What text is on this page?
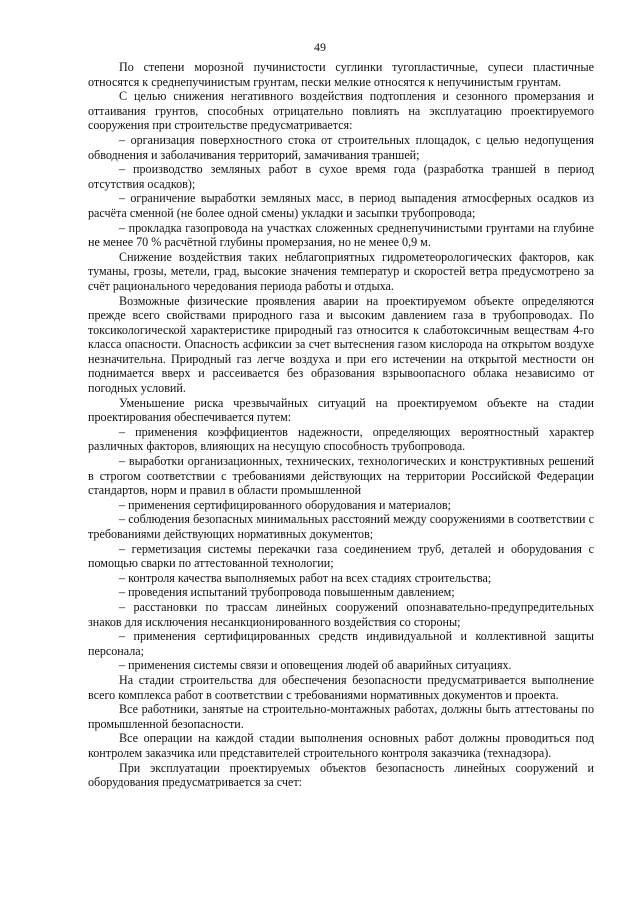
49

По степени морозной пучинистости суглинки тугопластичные, супеси пластичные относятся к среднепучинистым грунтам, пески мелкие относятся к непучинистым грунтам.

С целью снижения негативного воздействия подтопления и сезонного промерзания и оттаивания грунтов, способных отрицательно повлиять на эксплуатацию проектируемого сооружения при строительстве предусматривается:

– организация поверхностного стока от строительных площадок, с целью недопущения обводнения и заболачивания территорий, замачивания траншей;

– производство земляных работ в сухое время года (разработка траншей в период отсутствия осадков);

– ограничение выработки земляных масс, в период выпадения атмосферных осадков из расчёта сменной (не более одной смены) укладки и засыпки трубопровода;

– прокладка газопровода на участках сложенных среднепучинистыми грунтами на глубине не менее 70 % расчётной глубины промерзания, но не менее 0,9 м.

Снижение воздействия таких неблагоприятных гидрометеорологических факторов, как туманы, грозы, метели, град, высокие значения температур и скоростей ветра предусмотрено за счёт рационального чередования периода работы и отдыха.

Возможные физические проявления аварии на проектируемом объекте определяются прежде всего свойствами природного газа и высоким давлением газа в трубопроводах. По токсикологической характеристике природный газ относится к слаботоксичным веществам 4-го класса опасности. Опасность асфиксии за счет вытеснения газом кислорода на открытом воздухе незначительна. Природный газ легче воздуха и при его истечении на открытой местности он поднимается вверх и рассеивается без образования взрывоопасного облака независимо от погодных условий.

Уменьшение риска чрезвычайных ситуаций на проектируемом объекте на стадии проектирования обеспечивается путем:

– применения коэффициентов надежности, определяющих вероятностный характер различных факторов, влияющих на несущую способность трубопровода.

– выработки организационных, технических, технологических и конструктивных решений в строгом соответствии с требованиями действующих на территории Российской Федерации стандартов, норм и правил в области промышленной

– применения сертифицированного оборудования и материалов;

– соблюдения безопасных минимальных расстояний между сооружениями в соответствии с требованиями действующих нормативных документов;

– герметизация системы перекачки газа соединением труб, деталей и оборудования с помощью сварки по аттестованной технологии;

– контроля качества выполняемых работ на всех стадиях строительства;

– проведения испытаний трубопровода повышенным давлением;

– расстановки по трассам линейных сооружений опознавательно-предупредительных знаков для исключения несанкционированного воздействия со стороны;

– применения сертифицированных средств индивидуальной и коллективной защиты персонала;

– применения системы связи и оповещения людей об аварийных ситуациях.

На стадии строительства для обеспечения безопасности предусматривается выполнение всего комплекса работ в соответствии с требованиями нормативных документов и проекта.

Все работники, занятые на строительно-монтажных работах, должны быть аттестованы по промышленной безопасности.

Все операции на каждой стадии выполнения основных работ должны проводиться под контролем заказчика или представителей строительного контроля заказчика (технадзора).

При эксплуатации проектируемых объектов безопасность линейных сооружений и оборудования предусматривается за счет:
